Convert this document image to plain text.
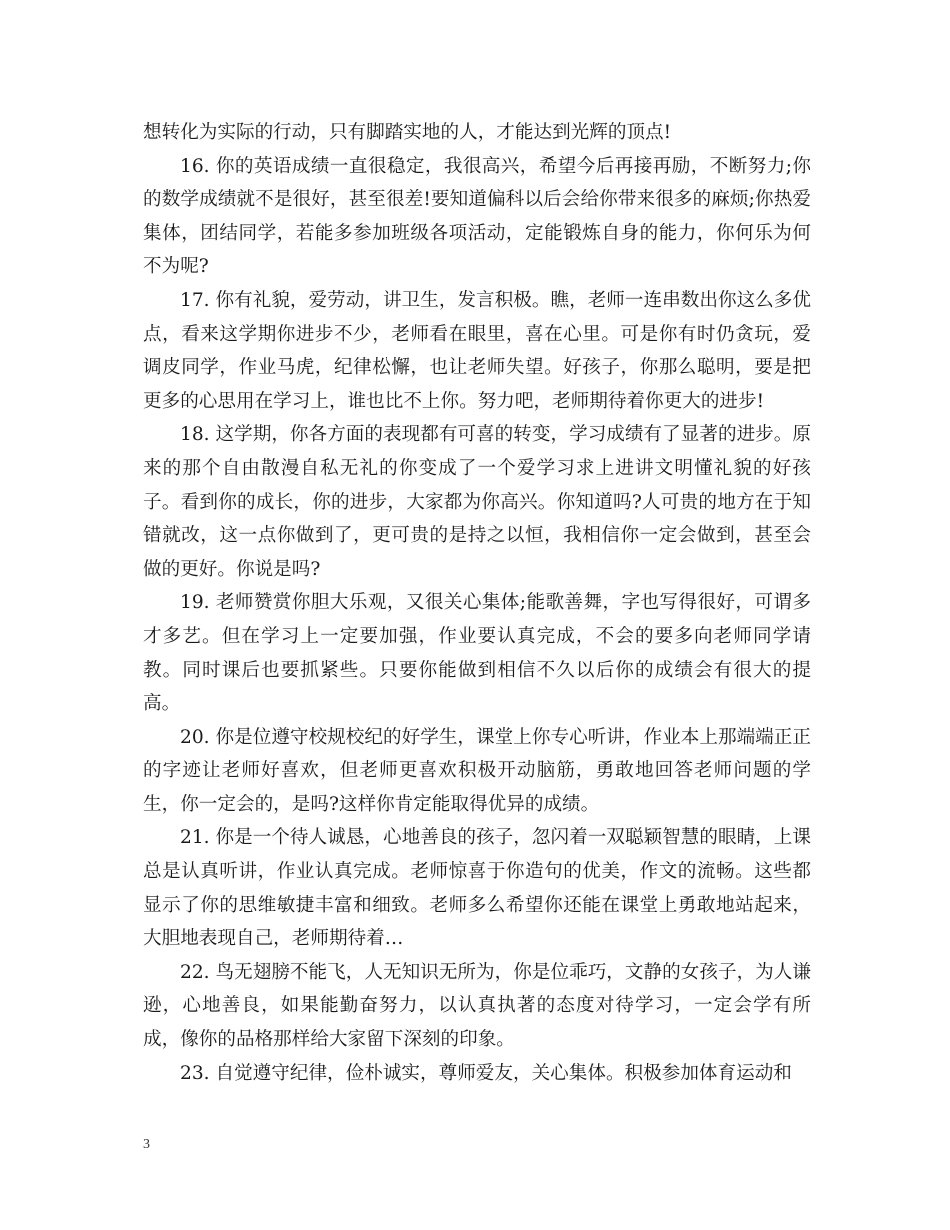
想转化为实际的行动，只有脚踏实地的人，才能达到光辉的顶点!

16. 你的英语成绩一直很稳定，我很高兴，希望今后再接再励，不断努力;你的数学成绩就不是很好，甚至很差!要知道偏科以后会给你带来很多的麻烦;你热爱集体，团结同学，若能多参加班级各项活动，定能锻炼自身的能力，你何乐为何不为呢?

17. 你有礼貌，爱劳动，讲卫生，发言积极。瞧，老师一连串数出你这么多优点，看来这学期你进步不少，老师看在眼里，喜在心里。可是你有时仍贪玩，爱调皮同学，作业马虎，纪律松懈，也让老师失望。好孩子，你那么聪明，要是把更多的心思用在学习上，谁也比不上你。努力吧，老师期待着你更大的进步!

18. 这学期，你各方面的表现都有可喜的转变，学习成绩有了显著的进步。原来的那个自由散漫自私无礼的你变成了一个爱学习求上进讲文明懂礼貌的好孩子。看到你的成长，你的进步，大家都为你高兴。你知道吗?人可贵的地方在于知错就改，这一点你做到了，更可贵的是持之以恒，我相信你一定会做到，甚至会做的更好。你说是吗?

19. 老师赞赏你胆大乐观，又很关心集体;能歌善舞，字也写得很好，可谓多才多艺。但在学习上一定要加强，作业要认真完成，不会的要多向老师同学请教。同时课后也要抓紧些。只要你能做到相信不久以后你的成绩会有很大的提高。

20. 你是位遵守校规校纪的好学生，课堂上你专心听讲，作业本上那端端正正的字迹让老师好喜欢，但老师更喜欢积极开动脑筋，勇敢地回答老师问题的学生，你一定会的，是吗?这样你肯定能取得优异的成绩。

21. 你是一个待人诚恳，心地善良的孩子，忽闪着一双聪颖智慧的眼睛，上课总是认真听讲，作业认真完成。老师惊喜于你造句的优美，作文的流畅。这些都显示了你的思维敏捷丰富和细致。老师多么希望你还能在课堂上勇敢地站起来，大胆地表现自己，老师期待着…

22. 鸟无翅膀不能飞，人无知识无所为，你是位乖巧，文静的女孩子，为人谦逊，心地善良，如果能勤奋努力，以认真执著的态度对待学习，一定会学有所成，像你的品格那样给大家留下深刻的印象。

23. 自觉遵守纪律，俭朴诚实，尊师爱友，关心集体。积极参加体育运动和

3
